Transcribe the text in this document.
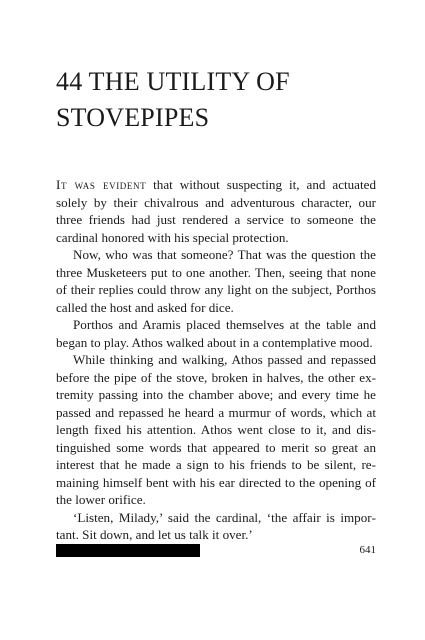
44 THE UTILITY OF
STOVEPIPES

It was evident that without suspecting it, and actuated solely by their chivalrous and adventurous character, our three friends had just rendered a service to someone the cardinal honored with his special protection.

Now, who was that someone? That was the question the three Musketeers put to one another. Then, seeing that none of their replies could throw any light on the subject, Porthos called the host and asked for dice.

Porthos and Aramis placed themselves at the table and began to play. Athos walked about in a contemplative mood.

While thinking and walking, Athos passed and repassed before the pipe of the stove, broken in halves, the other extremity passing into the chamber above; and every time he passed and repassed he heard a murmur of words, which at length fixed his attention. Athos went close to it, and distinguished some words that appeared to merit so great an interest that he made a sign to his friends to be silent, remaining himself bent with his ear directed to the opening of the lower orifice.

‘Listen, Milady,’ said the cardinal, ‘the affair is important. Sit down, and let us talk it over.’

641
